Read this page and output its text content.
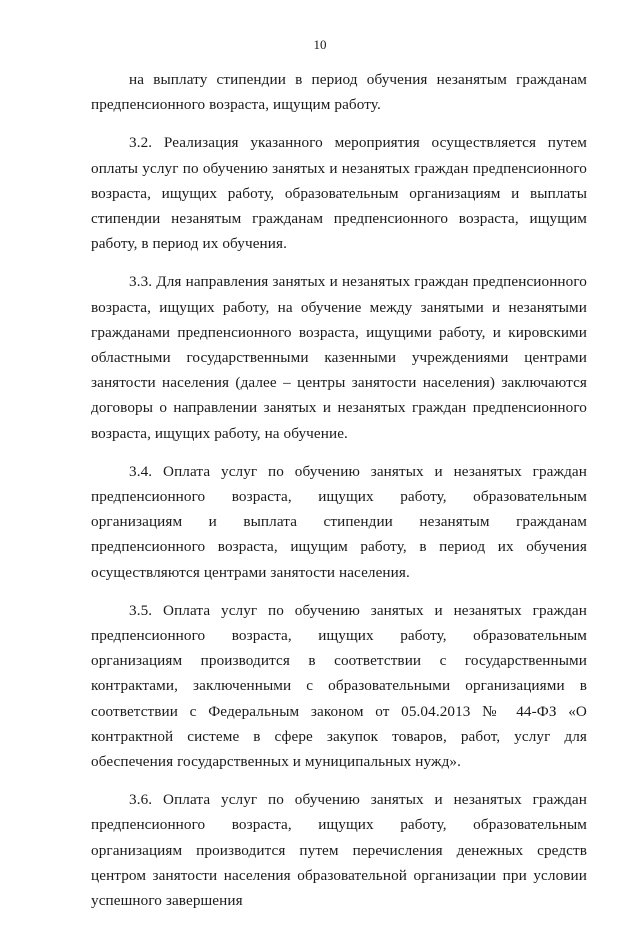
10

на выплату стипендии в период обучения незанятым гражданам предпенсионного возраста, ищущим работу.

3.2. Реализация указанного мероприятия осуществляется путем оплаты услуг по обучению занятых и незанятых граждан предпенсионного возраста, ищущих работу, образовательным организациям и выплаты стипендии незанятым гражданам предпенсионного возраста, ищущим работу, в период их обучения.

3.3. Для направления занятых и незанятых граждан предпенсионного возраста, ищущих работу, на обучение между занятыми и незанятыми гражданами предпенсионного возраста, ищущими работу, и кировскими областными государственными казенными учреждениями центрами занятости населения (далее – центры занятости населения) заключаются договоры о направлении занятых и незанятых граждан предпенсионного возраста, ищущих работу, на обучение.

3.4. Оплата услуг по обучению занятых и незанятых граждан предпенсионного возраста, ищущих работу, образовательным организациям и выплата стипендии незанятым гражданам предпенсионного возраста, ищущим работу, в период их обучения осуществляются центрами занятости населения.

3.5. Оплата услуг по обучению занятых и незанятых граждан предпенсионного возраста, ищущих работу, образовательным организациям производится в соответствии с государственными контрактами, заключенными с образовательными организациями в соответствии с Федеральным законом от 05.04.2013 № 44-ФЗ «О контрактной системе в сфере закупок товаров, работ, услуг для обеспечения государственных и муниципальных нужд».

3.6. Оплата услуг по обучению занятых и незанятых граждан предпенсионного возраста, ищущих работу, образовательным организациям производится путем перечисления денежных средств центром занятости населения образовательной организации при условии успешного завершения
